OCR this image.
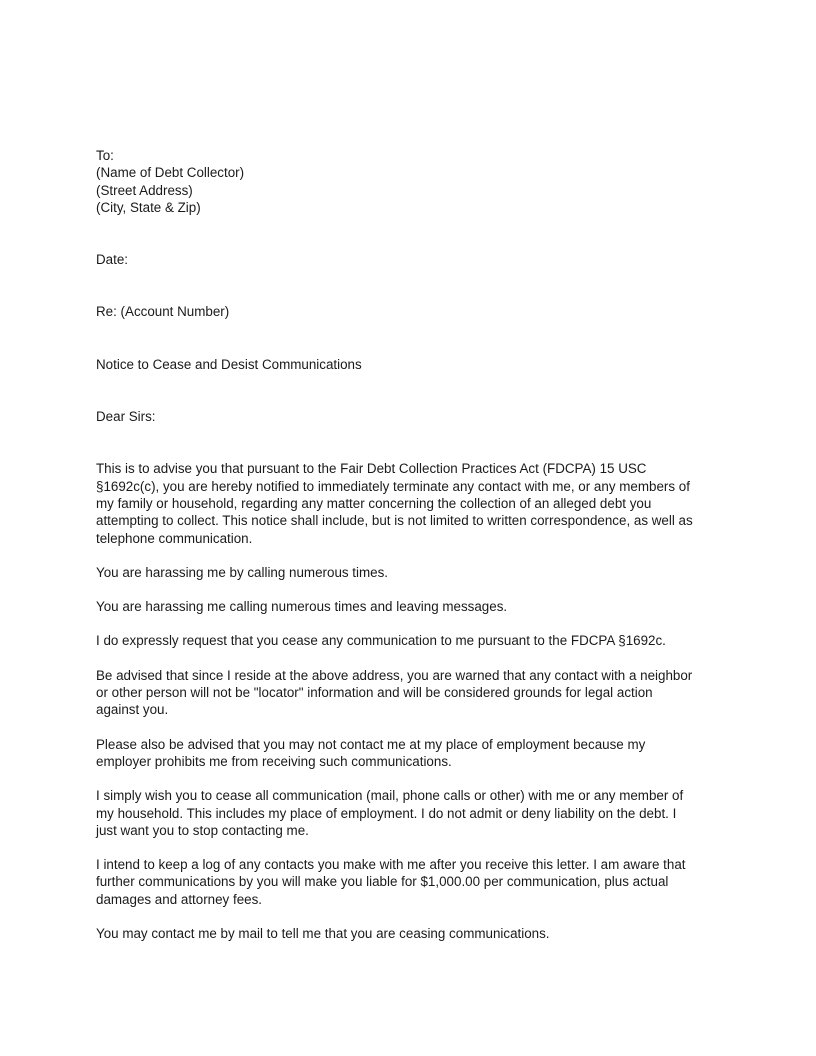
To:
(Name of Debt Collector)
(Street Address)
(City, State & Zip)
Date:
Re: (Account Number)
Notice to Cease and Desist Communications
Dear Sirs:

This is to advise you that pursuant to the Fair Debt Collection Practices Act (FDCPA) 15 USC
§1692c(c), you are hereby notified to immediately terminate any contact with me, or any members of
my family or household, regarding any matter concerning the collection of an alleged debt you
attempting to collect. This notice shall include, but is not limited to written correspondence, as well as
telephone communication.

You are harassing me by calling numerous times.

You are harassing me calling numerous times and leaving messages.

I do expressly request that you cease any communication to me pursuant to the FDCPA §1692c.

Be advised that since I reside at the above address, you are warned that any contact with a neighbor
or other person will not be "locator" information and will be considered grounds for legal action
against you.

Please also be advised that you may not contact me at my place of employment because my
employer prohibits me from receiving such communications.

I simply wish you to cease all communication (mail, phone calls or other) with me or any member of
my household. This includes my place of employment. I do not admit or deny liability on the debt. I
just want you to stop contacting me.

I intend to keep a log of any contacts you make with me after you receive this letter. I am aware that
further communications by you will make you liable for $1,000.00 per communication, plus actual
damages and attorney fees.

You may contact me by mail to tell me that you are ceasing communications.
